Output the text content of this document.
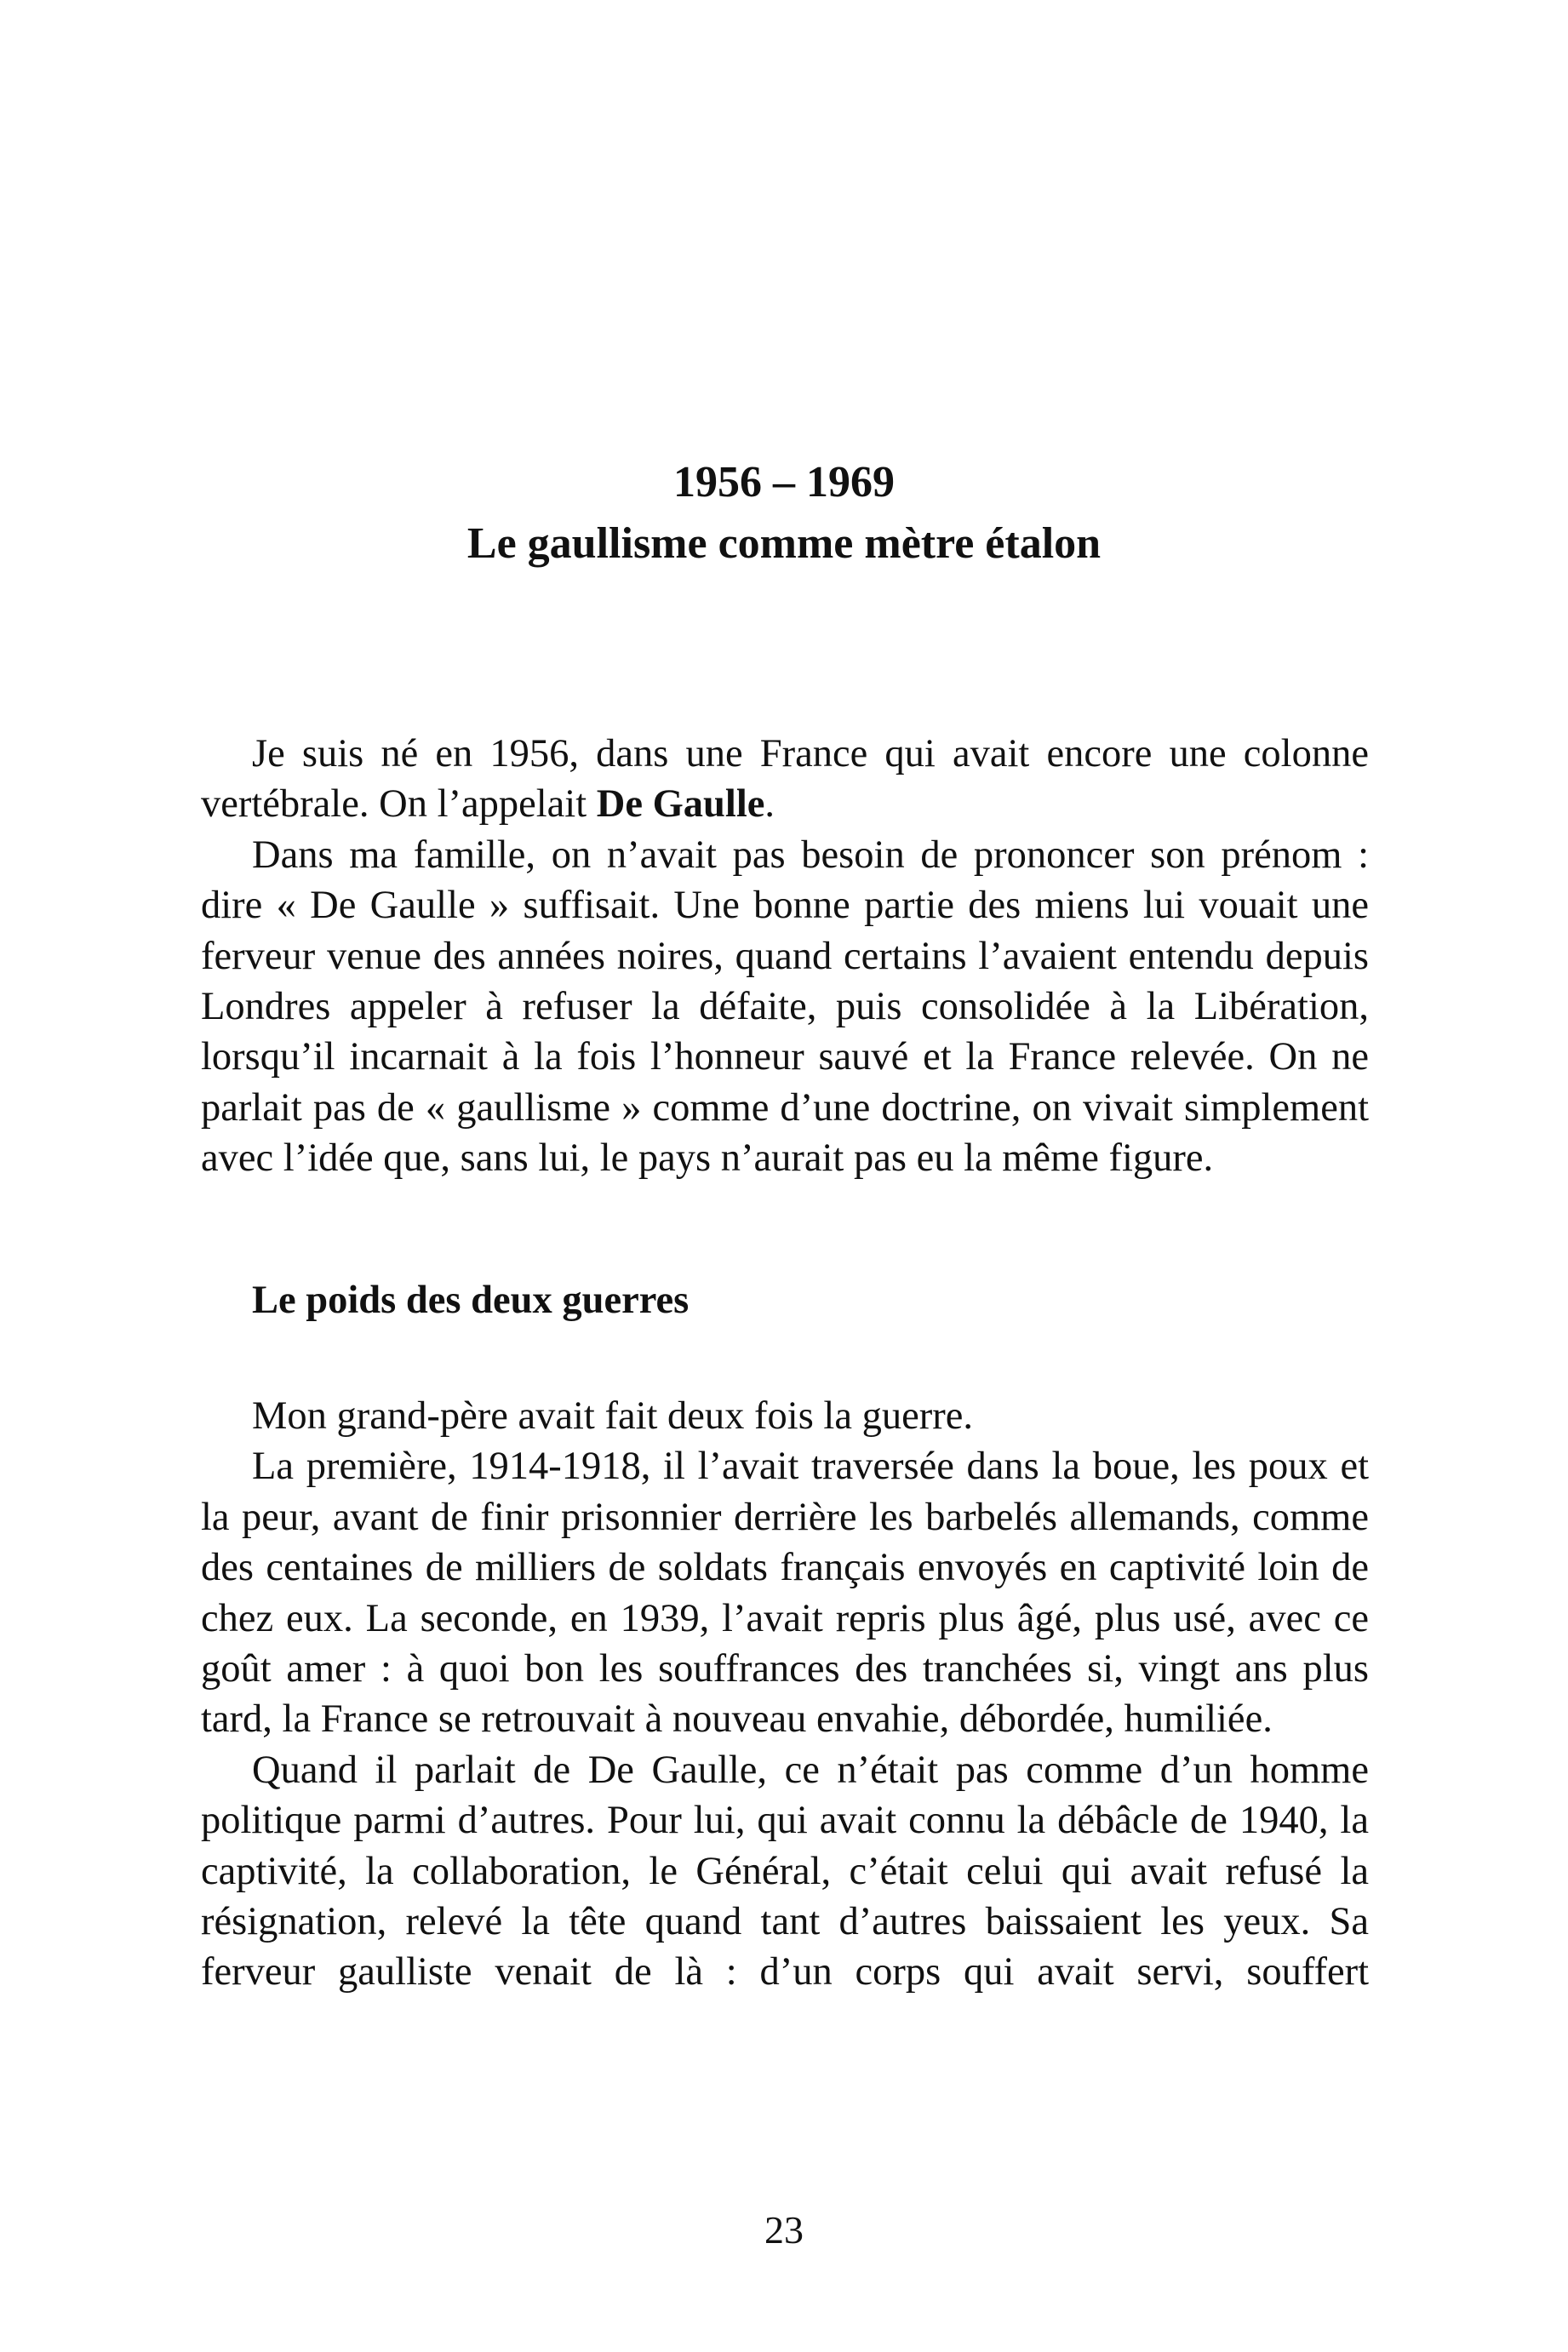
1956 – 1969
Le gaullisme comme mètre étalon

Je suis né en 1956, dans une France qui avait encore une colonne vertébrale. On l’appelait De Gaulle.

Dans ma famille, on n’avait pas besoin de prononcer son prénom : dire « De Gaulle » suffisait. Une bonne partie des miens lui vouait une ferveur venue des années noires, quand certains l’avaient entendu depuis Londres appeler à refuser la défaite, puis consolidée à la Libération, lorsqu’il incarnait à la fois l’honneur sauvé et la France relevée. On ne parlait pas de « gaullisme » comme d’une doctrine, on vivait simplement avec l’idée que, sans lui, le pays n’aurait pas eu la même figure.

Le poids des deux guerres

Mon grand-père avait fait deux fois la guerre.

La première, 1914-1918, il l’avait traversée dans la boue, les poux et la peur, avant de finir prisonnier derrière les barbelés allemands, comme des centaines de milliers de soldats français envoyés en captivité loin de chez eux. La seconde, en 1939, l’avait repris plus âgé, plus usé, avec ce goût amer : à quoi bon les souffrances des tranchées si, vingt ans plus tard, la France se retrouvait à nouveau envahie, débordée, humiliée.

Quand il parlait de De Gaulle, ce n’était pas comme d’un homme politique parmi d’autres. Pour lui, qui avait connu la débâcle de 1940, la captivité, la collaboration, le Général, c’était celui qui avait refusé la résignation, relevé la tête quand tant d’autres baissaient les yeux. Sa ferveur gaulliste venait de là : d’un corps qui avait servi, souffert

23
